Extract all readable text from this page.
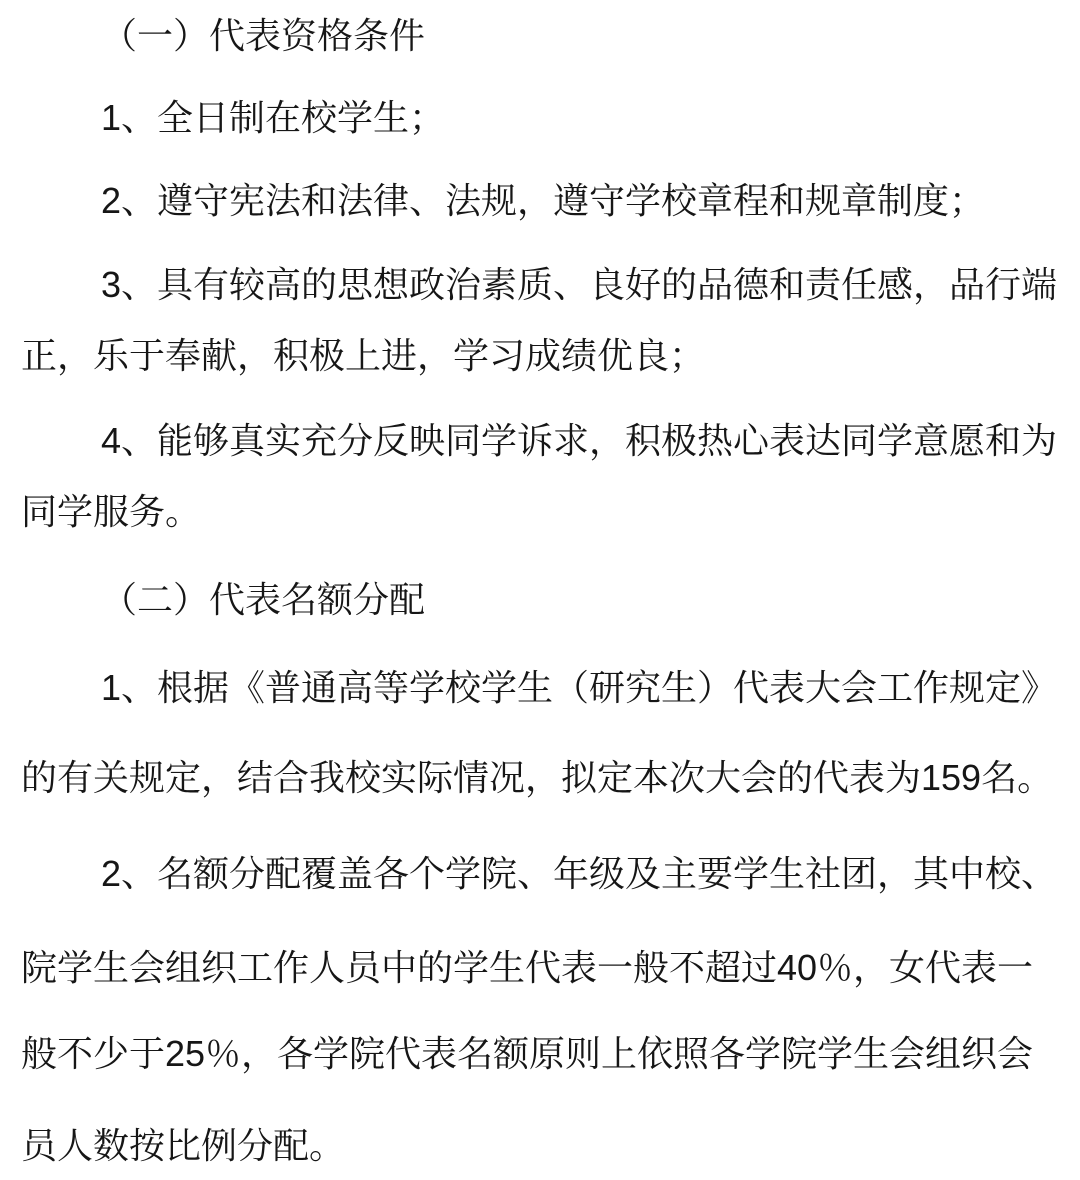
（一）代表资格条件
1、全日制在校学生；
2、遵守宪法和法律、法规，遵守学校章程和规章制度；
3、具有较高的思想政治素质、良好的品德和责任感，品行端
正，乐于奉献，积极上进，学习成绩优良；
4、能够真实充分反映同学诉求，积极热心表达同学意愿和为
同学服务。
（二）代表名额分配
1、根据《普通高等学校学生（研究生）代表大会工作规定》
的有关规定，结合我校实际情况，拟定本次大会的代表为159名。
2、名额分配覆盖各个学院、年级及主要学生社团，其中校、
院学生会组织工作人员中的学生代表一般不超过40％，女代表一
般不少于25％，各学院代表名额原则上依照各学院学生会组织会
员人数按比例分配。
